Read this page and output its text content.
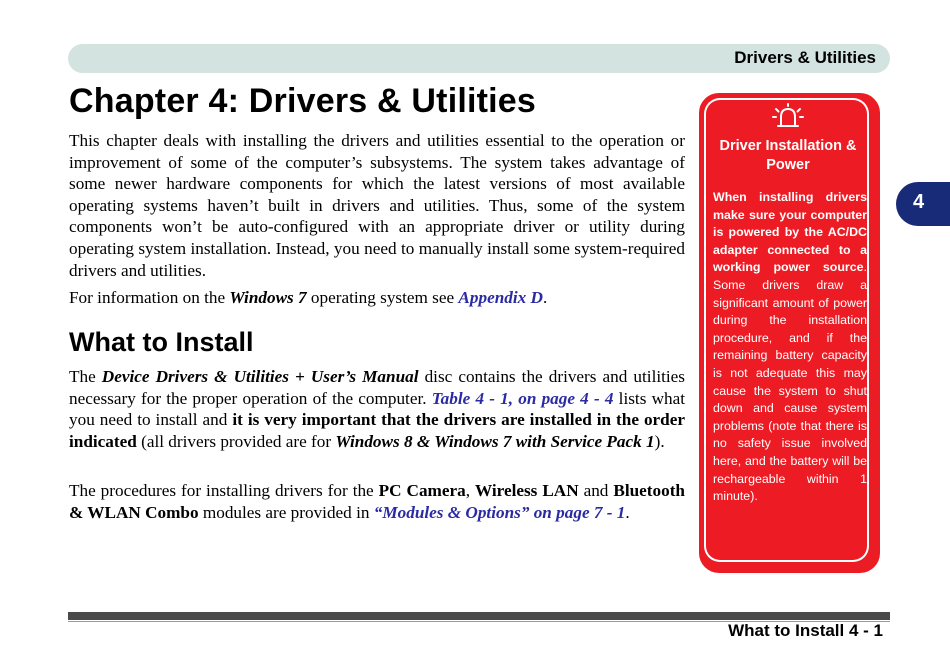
Drivers & Utilities
4
Chapter 4: Drivers & Utilities

This chapter deals with installing the drivers and utilities essential to the operation or improvement of some of the computer’s subsystems. The system takes advantage of some newer hardware components for which the latest versions of most available operating systems haven’t built in drivers and utilities. Thus, some of the system components won’t be auto-configured with an appropriate driver or utility during operating system installation. Instead, you need to manually install some system-required drivers and utilities.

For information on the Windows 7 operating system see Appendix D.

What to Install

The Device Drivers & Utilities + User’s Manual disc contains the drivers and utilities necessary for the proper operation of the computer. Table 4 - 1, on page 4 - 4 lists what you need to install and it is very important that the drivers are installed in the order indicated (all drivers provided are for Windows 8 & Windows 7 with Service Pack 1).

The procedures for installing drivers for the PC Camera, Wireless LAN and Bluetooth & WLAN Combo modules are provided in “Modules & Options” on page 7 - 1.

Driver Installation & Power

When installing drivers make sure your computer is powered by the AC/DC adapter connected to a working power source. Some drivers draw a significant amount of power during the installation procedure, and if the remaining battery capacity is not adequate this may cause the system to shut down and cause system problems (note that there is no safety issue involved here, and the battery will be rechargeable within 1 minute).

What to Install 4 - 1
